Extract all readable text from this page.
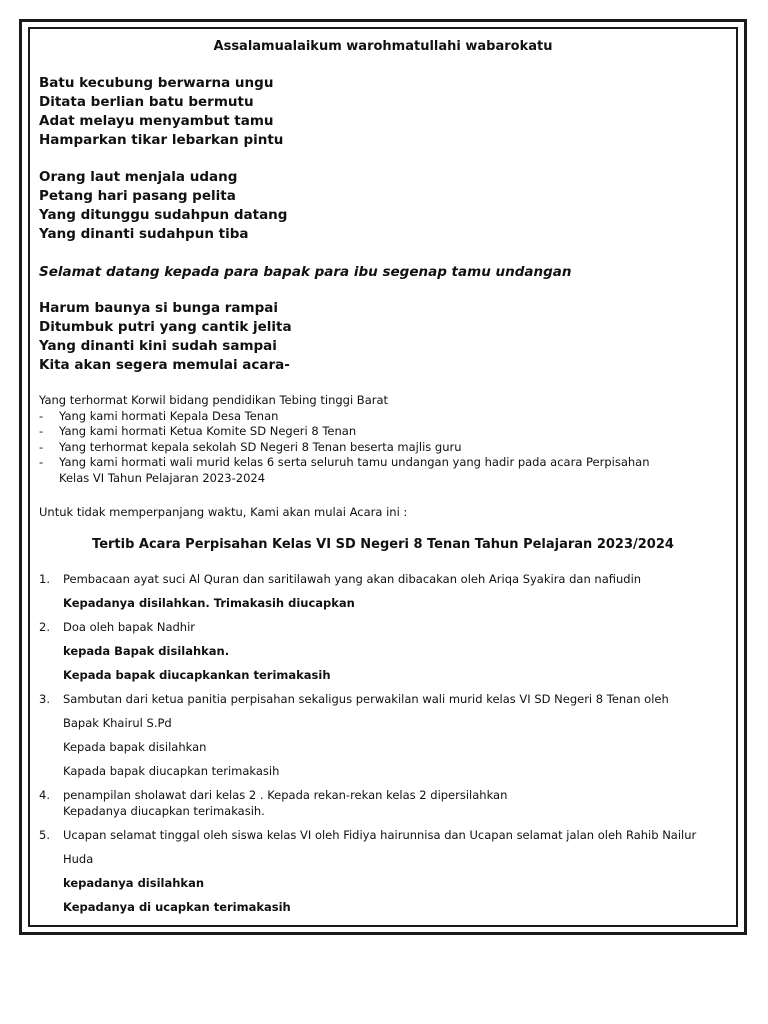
Assalamualaikum warohmatullahi wabarokatu
Batu kecubung berwarna ungu
Ditata berlian batu bermutu
Adat melayu menyambut tamu
Hamparkan tikar lebarkan pintu
Orang laut menjala udang
Petang hari pasang pelita
Yang ditunggu sudahpun datang
Yang dinanti sudahpun tiba
Selamat datang kepada para bapak para ibu segenap tamu undangan
Harum baunya si bunga rampai
Ditumbuk putri yang cantik jelita
Yang dinanti kini sudah sampai
Kita akan segera memulai acara-
Yang terhormat Korwil bidang pendidikan Tebing tinggi Barat
- Yang kami hormati Kepala Desa Tenan
- Yang kami hormati Ketua Komite SD Negeri 8 Tenan
- Yang terhormat kepala sekolah SD Negeri 8 Tenan beserta majlis guru
- Yang kami hormati wali murid kelas 6 serta seluruh tamu undangan yang hadir pada acara Perpisahan
Kelas VI Tahun Pelajaran 2023-2024
Untuk tidak memperpanjang waktu, Kami akan mulai Acara ini :
Tertib Acara Perpisahan Kelas VI SD Negeri 8 Tenan Tahun Pelajaran 2023/2024
1.	Pembacaan ayat suci Al Quran dan saritilawah yang akan dibacakan oleh Ariqa Syakira dan nafiudin
Kepadanya disilahkan. Trimakasih diucapkan
2.	Doa oleh bapak Nadhir
kepada Bapak disilahkan.
Kepada bapak diucapkankan terimakasih
3.	Sambutan dari ketua panitia perpisahan sekaligus perwakilan wali murid kelas VI SD Negeri 8 Tenan oleh
Bapak Khairul S.Pd
Kepada bapak disilahkan
Kapada bapak diucapkan terimakasih
4.	penampilan sholawat dari kelas 2 . Kepada rekan-rekan kelas 2 dipersilahkan
Kepadanya diucapkan terimakasih.
5.	Ucapan selamat tinggal oleh siswa kelas VI oleh Fidiya hairunnisa dan Ucapan selamat jalan oleh Rahib Nailur
Huda
kepadanya disilahkan
Kepadanya di ucapkan terimakasih
